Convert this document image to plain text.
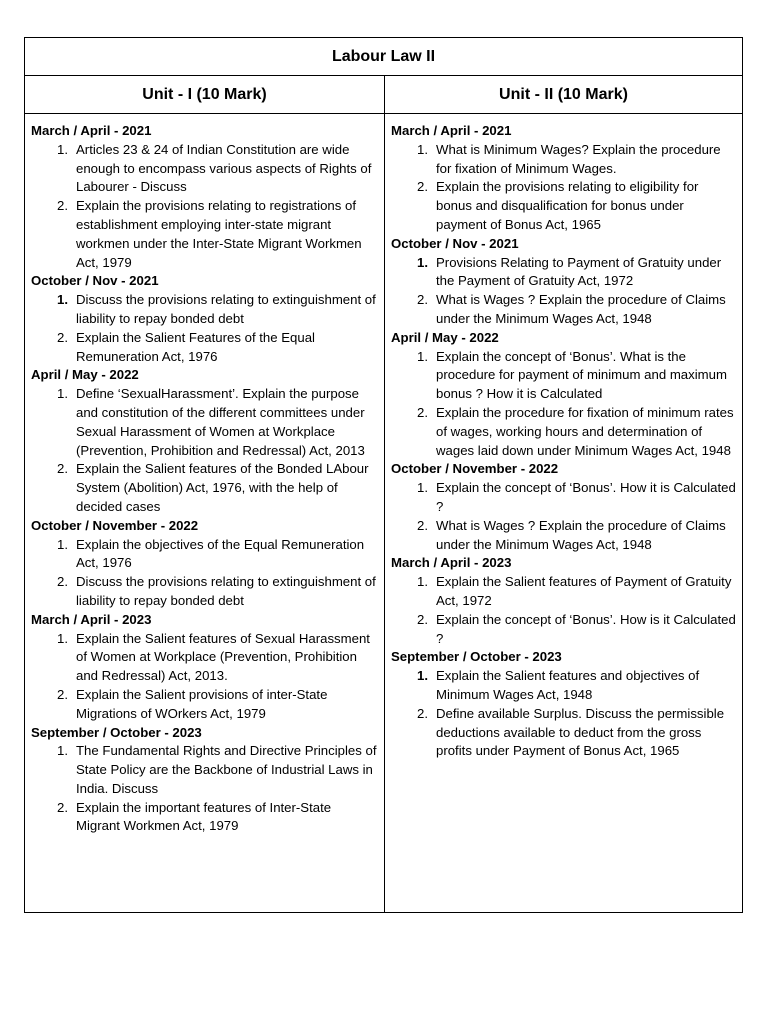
Labour Law II
Unit - I (10 Mark)	Unit - II (10 Mark)
March / April - 2021
1. Articles 23 & 24 of Indian Constitution are wide enough to encompass various aspects of Rights of Labourer - Discuss
2. Explain the provisions relating to registrations of establishment employing inter-state migrant workmen under the Inter-State Migrant Workmen Act, 1979
October / Nov - 2021
1. Discuss the provisions relating to extinguishment of liability to repay bonded debt
2. Explain the Salient Features of the Equal Remuneration Act, 1976
April / May - 2022
1. Define ‘SexualHarassment’. Explain the purpose and constitution of the different committees under Sexual Harassment of Women at Workplace (Prevention, Prohibition and Redressal) Act, 2013
2. Explain the Salient features of the Bonded LAbour System (Abolition) Act, 1976, with the help of decided cases
October / November - 2022
1. Explain the objectives of the Equal Remuneration Act, 1976
2. Discuss the provisions relating to extinguishment of liability to repay bonded debt
March / April - 2023
1. Explain the Salient features of Sexual Harassment of Women at Workplace (Prevention, Prohibition and Redressal) Act, 2013.
2. Explain the Salient provisions of inter-State Migrations of WOrkers Act, 1979
September / October - 2023
1. The Fundamental Rights and Directive Principles of State Policy are the Backbone of Industrial Laws in India. Discuss
2. Explain the important features of Inter-State Migrant Workmen Act, 1979
March / April - 2021
1. What is Minimum Wages? Explain the procedure for fixation of Minimum Wages.
2. Explain the provisions relating to eligibility for bonus and disqualification for bonus under payment of Bonus Act, 1965
October / Nov - 2021
1. Provisions Relating to Payment of Gratuity under the Payment of Gratuity Act, 1972
2. What is Wages ? Explain the procedure of Claims under the Minimum Wages Act, 1948
April / May - 2022
1. Explain the concept of ‘Bonus’. What is the procedure for payment of minimum and maximum bonus ? How it is Calculated
2. Explain the procedure for fixation of minimum rates of wages, working hours and determination of wages laid down under Minimum Wages Act, 1948
October / November - 2022
1. Explain the concept of ‘Bonus’. How it is Calculated ?
2. What is Wages ? Explain the procedure of Claims under the Minimum Wages Act, 1948
March / April - 2023
1. Explain the Salient features of Payment of Gratuity Act, 1972
2. Explain the concept of ‘Bonus’. How is it Calculated ?
September / October - 2023
1. Explain the Salient features and objectives of Minimum Wages Act, 1948
2. Define available Surplus. Discuss the permissible deductions available to deduct from the gross profits under Payment of Bonus Act, 1965
